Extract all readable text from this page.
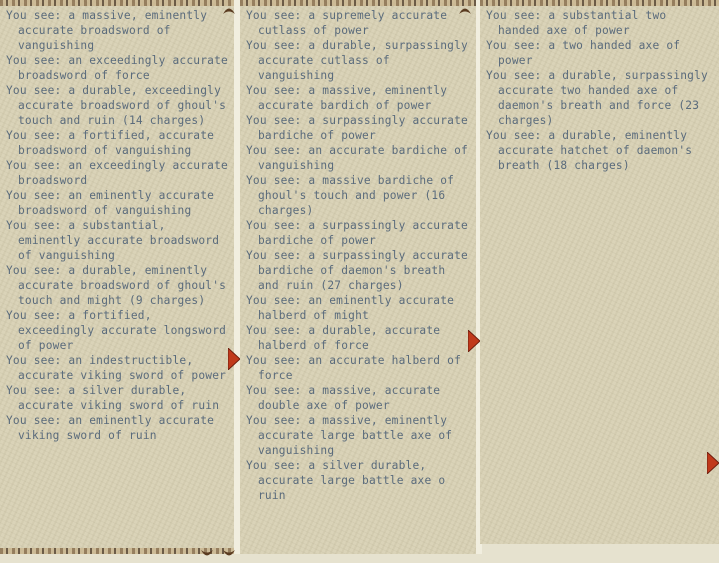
You see: a massive, eminently accurate broadsword of vanguishing
You see: an exceedingly accurate broadsword of force
You see: a durable, exceedingly accurate broadsword of ghoul's touch and ruin (14 charges)
You see: a fortified, accurate broadsword of vanguishing
You see: an exceedingly accurate broadsword
You see: an eminently accurate broadsword of vanguishing
You see: a substantial, eminently accurate broadsword of vanguishing
You see: a durable, eminently accurate broadsword of ghoul's touch and might (9 charges)
You see: a fortified, exceedingly accurate longsword of power
You see: an indestructible, accurate viking sword of power
You see: a silver durable, accurate viking sword of ruin
You see: an eminently accurate viking sword of ruin
You see: a supremely accurate cutlass of power
You see: a durable, surpassingly accurate cutlass of vanguishing
You see: a massive, eminently accurate bardich of power
You see: a surpassingly accurate bardiche of power
You see: an accurate bardiche of vanguishing
You see: a massive bardiche of ghoul's touch and power (16 charges)
You see: a surpassingly accurate bardiche of power
You see: a surpassingly accurate bardiche of daemon's breath and ruin (27 charges)
You see: an eminently accurate halberd of might
You see: a durable, accurate halberd of force
You see: an accurate halberd of force
You see: a massive, accurate double axe of power
You see: a massive, eminently accurate large battle axe of vanguishing
You see: a silver durable, accurate large battle axe o ruin
You see: a substantial two handed axe of power
You see: a two handed axe of power
You see: a durable, surpassingly accurate two handed axe of daemon's breath and force (23 charges)
You see: a durable, eminently accurate hatchet of daemon's breath (18 charges)
